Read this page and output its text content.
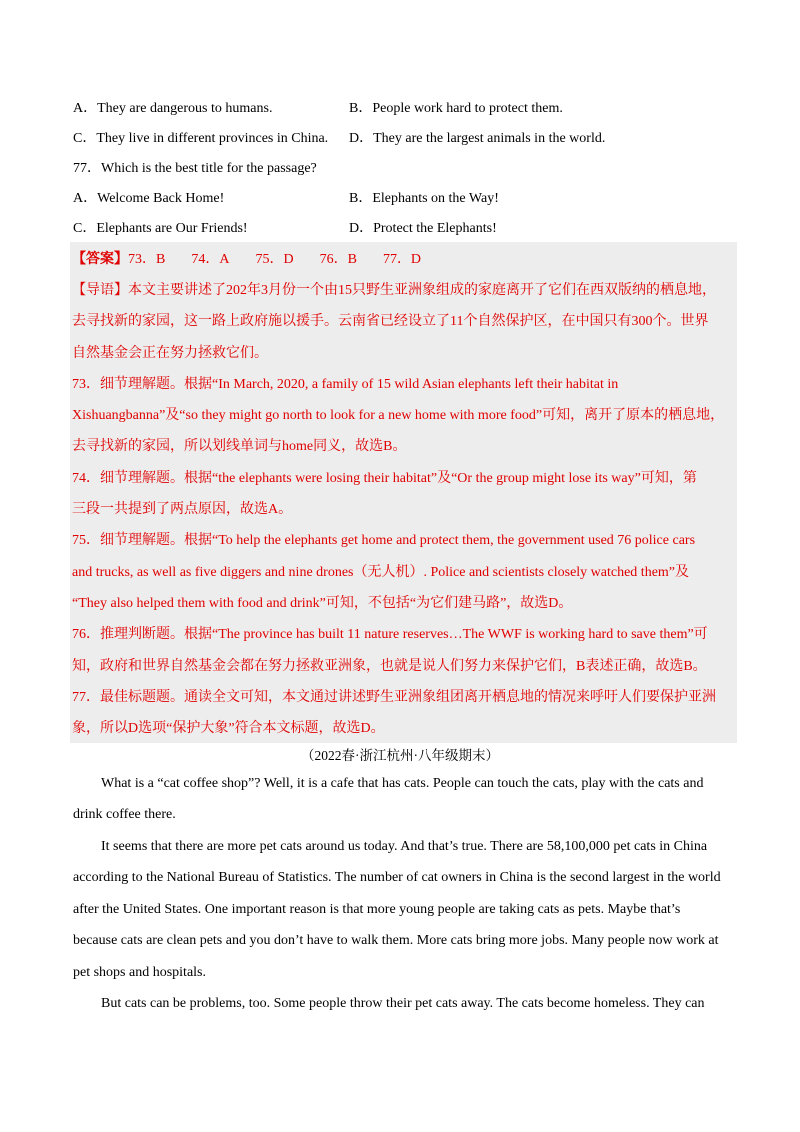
A．They are dangerous to humans.	B．People work hard to protect them.
C．They live in different provinces in China.	D．They are the largest animals in the world.
77．Which is the best title for the passage?
A．Welcome Back Home!	B．Elephants on the Way!
C．Elephants are Our Friends!	D．Protect the Elephants!
【答案】 73．B 74．A 75．D 76．B 77．D
【导语】本文主要讲述了202年3月份一个由15只野生亚洲象组成的家庭离开了它们在西双版纳的栖息地，
去寻找新的家园，这一路上政府施以援手。云南省已经设立了11个自然保护区，在中国只有300个。世界
自然基金会正在努力拯救它们。
73．细节理解题。根据“In March, 2020, a family of 15 wild Asian elephants left their habitat in
Xishuangbanna”及“so they might go north to look for a new home with more food”可知，离开了原本的栖息地，
去寻找新的家园，所以划线单词与home同义，故选B。
74．细节理解题。根据“the elephants were losing their habitat”及“Or the group might lose its way”可知，第
三段一共提到了两点原因，故选A。
75．细节理解题。根据“To help the elephants get home and protect them, the government used 76 police cars
and trucks, as well as five diggers and nine drones（无人机）. Police and scientists closely watched them”及
“They also helped them with food and drink”可知，不包括“为它们建马路”，故选D。
76．推理判断题。根据“The province has built 11 nature reserves…The WWF is working hard to save them”可
知，政府和世界自然基金会都在努力拯救亚洲象，也就是说人们努力来保护它们，B表述正确，故选B。
77．最佳标题题。通读全文可知，本文通过讲述野生亚洲象组团离开栖息地的情况来呼吁人们要保护亚洲
象，所以D选项“保护大象”符合本文标题，故选D。
（2022春·浙江杭州·八年级期末）
What is a “cat coffee shop”? Well, it is a cafe that has cats. People can touch the cats, play with the cats and
drink coffee there.
It seems that there are more pet cats around us today. And that’s true. There are 58,100,000 pet cats in China
according to the National Bureau of Statistics. The number of cat owners in China is the second largest in the world
after the United States. One important reason is that more young people are taking cats as pets. Maybe that’s
because cats are clean pets and you don’t have to walk them. More cats bring more jobs. Many people now work at
pet shops and hospitals.
But cats can be problems, too. Some people throw their pet cats away. The cats become homeless. They can
